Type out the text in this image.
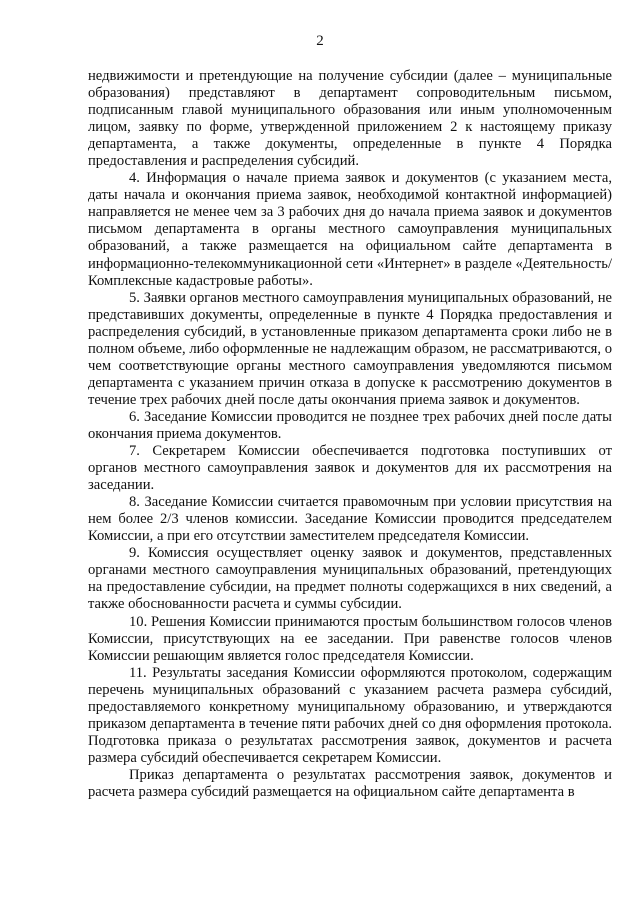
2

недвижимости и претендующие на получение субсидии (далее – муниципальные образования) представляют в департамент сопроводительным письмом, подписанным главой муниципального образования или иным уполномоченным лицом, заявку по форме, утвержденной приложением 2 к настоящему приказу департамента, а также документы, определенные в пункте 4 Порядка предоставления и распределения субсидий.

4. Информация о начале приема заявок и документов (с указанием места, даты начала и окончания приема заявок, необходимой контактной информацией) направляется не менее чем за 3 рабочих дня до начала приема заявок и документов письмом департамента в органы местного самоуправления муниципальных образований, а также размещается на официальном сайте департамента в информационно-телекоммуникационной сети «Интернет» в разделе «Деятельность/Комплексные кадастровые работы».

5. Заявки органов местного самоуправления муниципальных образований, не представивших документы, определенные в пункте 4 Порядка предоставления и распределения субсидий, в установленные приказом департамента сроки либо не в полном объеме, либо оформленные не надлежащим образом, не рассматриваются, о чем соответствующие органы местного самоуправления уведомляются письмом департамента с указанием причин отказа в допуске к рассмотрению документов в течение трех рабочих дней после даты окончания приема заявок и документов.

6. Заседание Комиссии проводится не позднее трех рабочих дней после даты окончания приема документов.

7. Секретарем Комиссии обеспечивается подготовка поступивших от органов местного самоуправления заявок и документов для их рассмотрения на заседании.

8. Заседание Комиссии считается правомочным при условии присутствия на нем более 2/3 членов комиссии. Заседание Комиссии проводится председателем Комиссии, а при его отсутствии заместителем председателя Комиссии.

9. Комиссия осуществляет оценку заявок и документов, представленных органами местного самоуправления муниципальных образований, претендующих на предоставление субсидии, на предмет полноты содержащихся в них сведений, а также обоснованности расчета и суммы субсидии.

10. Решения Комиссии принимаются простым большинством голосов членов Комиссии, присутствующих на ее заседании. При равенстве голосов членов Комиссии решающим является голос председателя Комиссии.

11. Результаты заседания Комиссии оформляются протоколом, содержащим перечень муниципальных образований с указанием расчета размера субсидий, предоставляемого конкретному муниципальному образованию, и утверждаются приказом департамента в течение пяти рабочих дней со дня оформления протокола. Подготовка приказа о результатах рассмотрения заявок, документов и расчета размера субсидий обеспечивается секретарем Комиссии.

Приказ департамента о результатах рассмотрения заявок, документов и расчета размера субсидий размещается на официальном сайте департамента в
